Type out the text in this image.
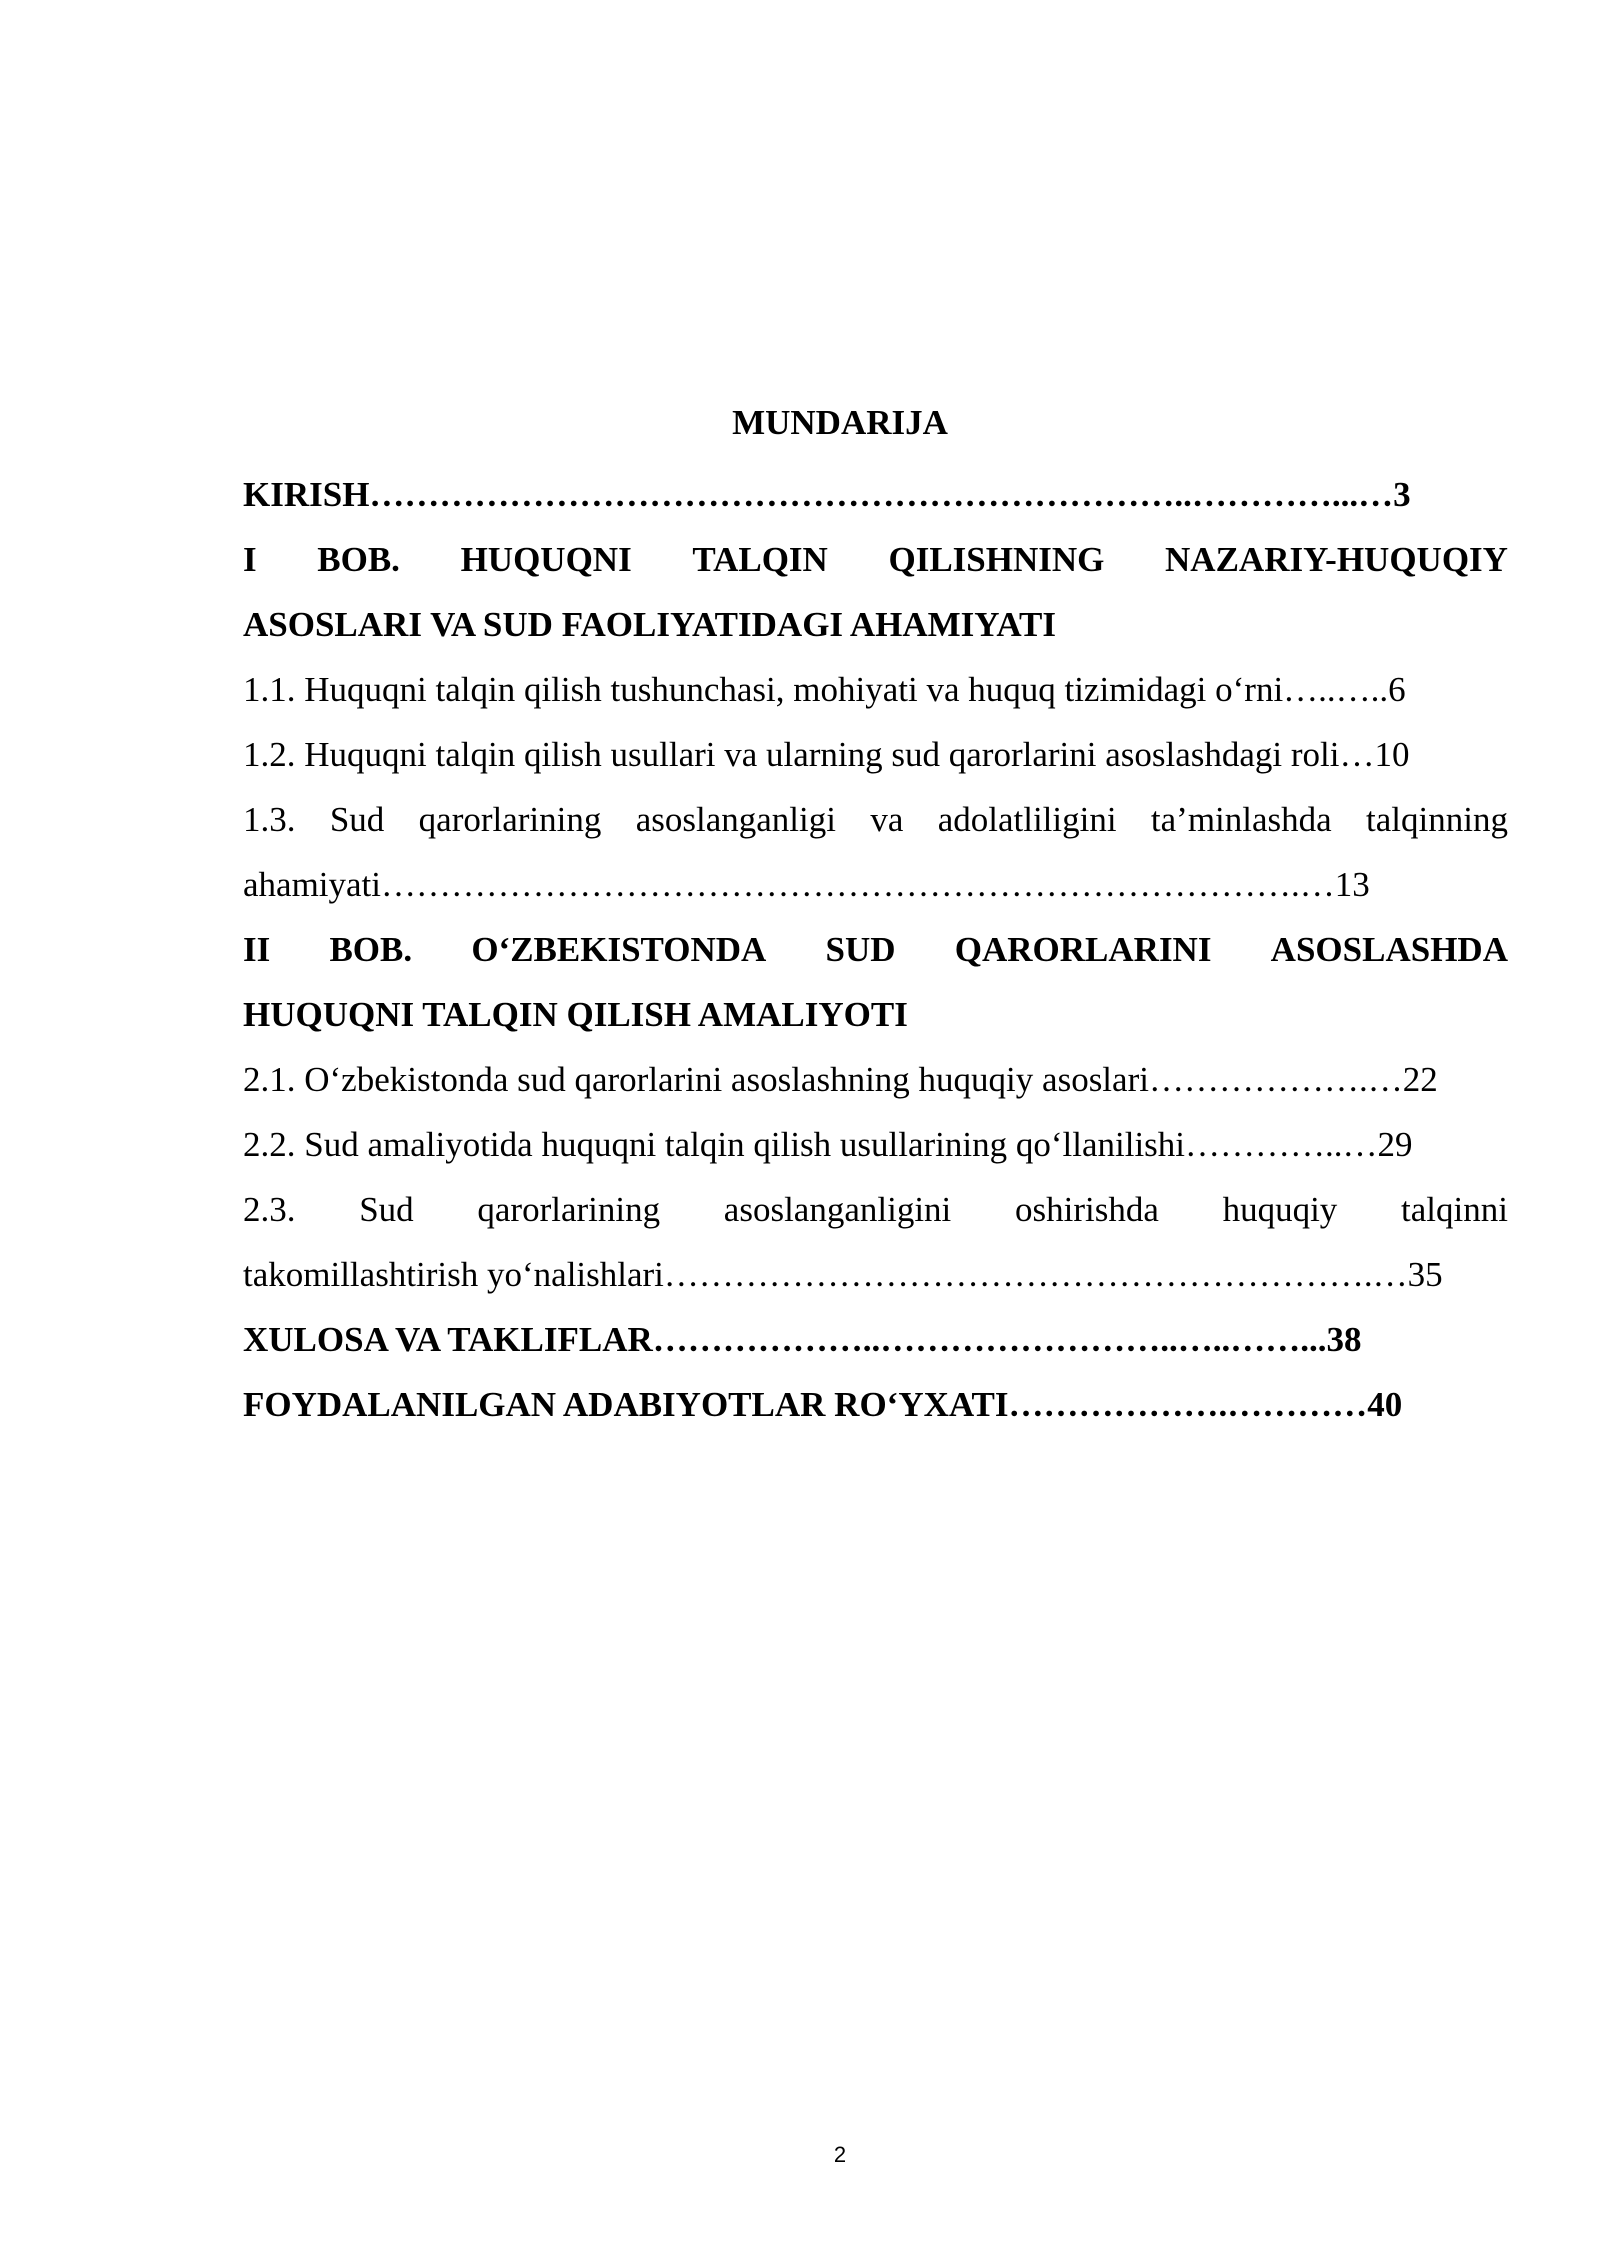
MUNDARIJA
KIRISH……………………………………………………………..…………...…3
I BOB. HUQUQNI TALQIN QILISHNING NAZARIY-HUQUQIY
ASOSLARI VA SUD FAOLIYATIDAGI AHAMIYATI
1.1. Huquqni talqin qilish tushunchasi, mohiyati va huquq tizimidagi o‘rni…..…..6
1.2. Huquqni talqin qilish usullari va ularning sud qarorlarini asoslashdagi roli…10
1.3. Sud qarorlarining asoslanganligi va adolatliligini ta’minlashda talqinning
ahamiyati…………………………………………………………………….…13
II BOB. O‘ZBEKISTONDA SUD QARORLARINI ASOSLASHDA
HUQUQNI TALQIN QILISH AMALIYOTI
2.1. O‘zbekistonda sud qarorlarini asoslashning huquqiy asoslari……………….…22
2.2. Sud amaliyotida huquqni talqin qilish usullarining qo‘llanilishi…………..…29
2.3. Sud qarorlarining asoslanganligini oshirishda huquqiy talqinni
takomillashtirish yo‘nalishlari…………………………………………………….…35
XULOSA VA TAKLIFLAR………………..……………………..…..……...38
FOYDALANILGAN ADABIYOTLAR RO‘YXATI……………….…………40
2
